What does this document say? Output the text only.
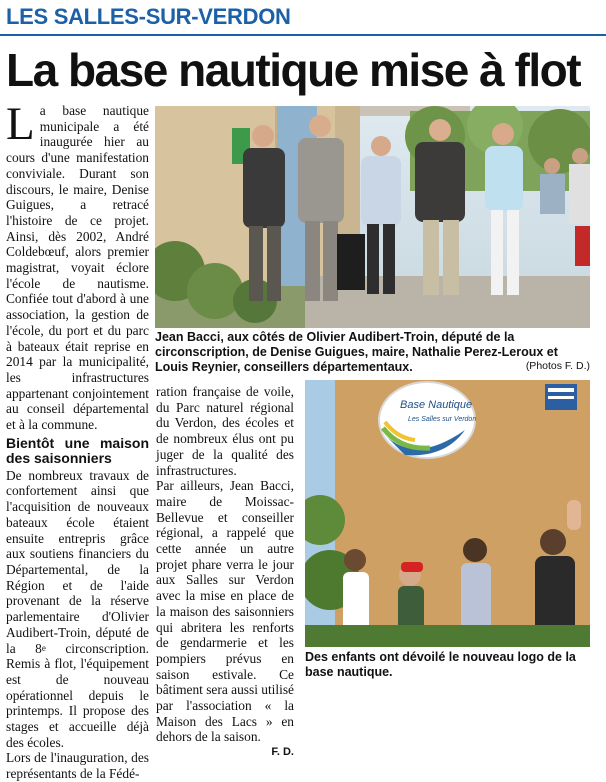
LES SALLES-SUR-VERDON
La base nautique mise à flot
L a base nautique municipale a été inaugurée hier au cours d'une manifestation conviviale. Durant son discours, le maire, Denise Guigues, a retracé l'histoire de ce projet. Ainsi, dès 2002, André Coldebœuf, alors premier magistrat, voyait éclore l'école de nautisme. Confiée tout d'abord à une association, la gestion de l'école, du port et du parc à bateaux était reprise en 2014 par la municipalité, les infrastructures appartenant conjointement au conseil départemental et à la commune.

Bientôt une maison des saisonniers

De nombreux travaux de confortement ainsi que l'acquisition de nouveaux bateaux école étaient ensuite entrepris grâce aux soutiens financiers du Départemental, de la Région et de l'aide provenant de la réserve parlementaire d'Olivier Audibert-Troin, député de la 8e circonscription. Remis à flot, l'équipement est de nouveau opérationnel depuis le printemps. Il propose des stages et accueille déjà des écoles.

Lors de l'inauguration, des représentants de la Fédé-

ration française de voile, du Parc naturel régional du Verdon, des écoles et de nombreux élus ont pu juger de la qualité des infrastructures.

Par ailleurs, Jean Bacci, maire de Moissac-Bellevue et conseiller régional, a rappelé que cette année un autre projet phare verra le jour aux Salles sur Verdon avec la mise en place de la maison des saisonniers qui abritera les renforts de gendarmerie et les pompiers prévus en saison estivale. Ce bâtiment sera aussi utilisé par l'association « la Maison des Lacs » en dehors de la saison.

F. D.
Jean Bacci, aux côtés de Olivier Audibert-Troin, député de la circonscription, de Denise Guigues, maire, Nathalie Perez-Leroux et Louis Reynier, conseillers départementaux.	(Photos F. D.)
Base Nautique
Les Salles sur Verdon
Des enfants ont dévoilé le nouveau logo de la base nautique.
